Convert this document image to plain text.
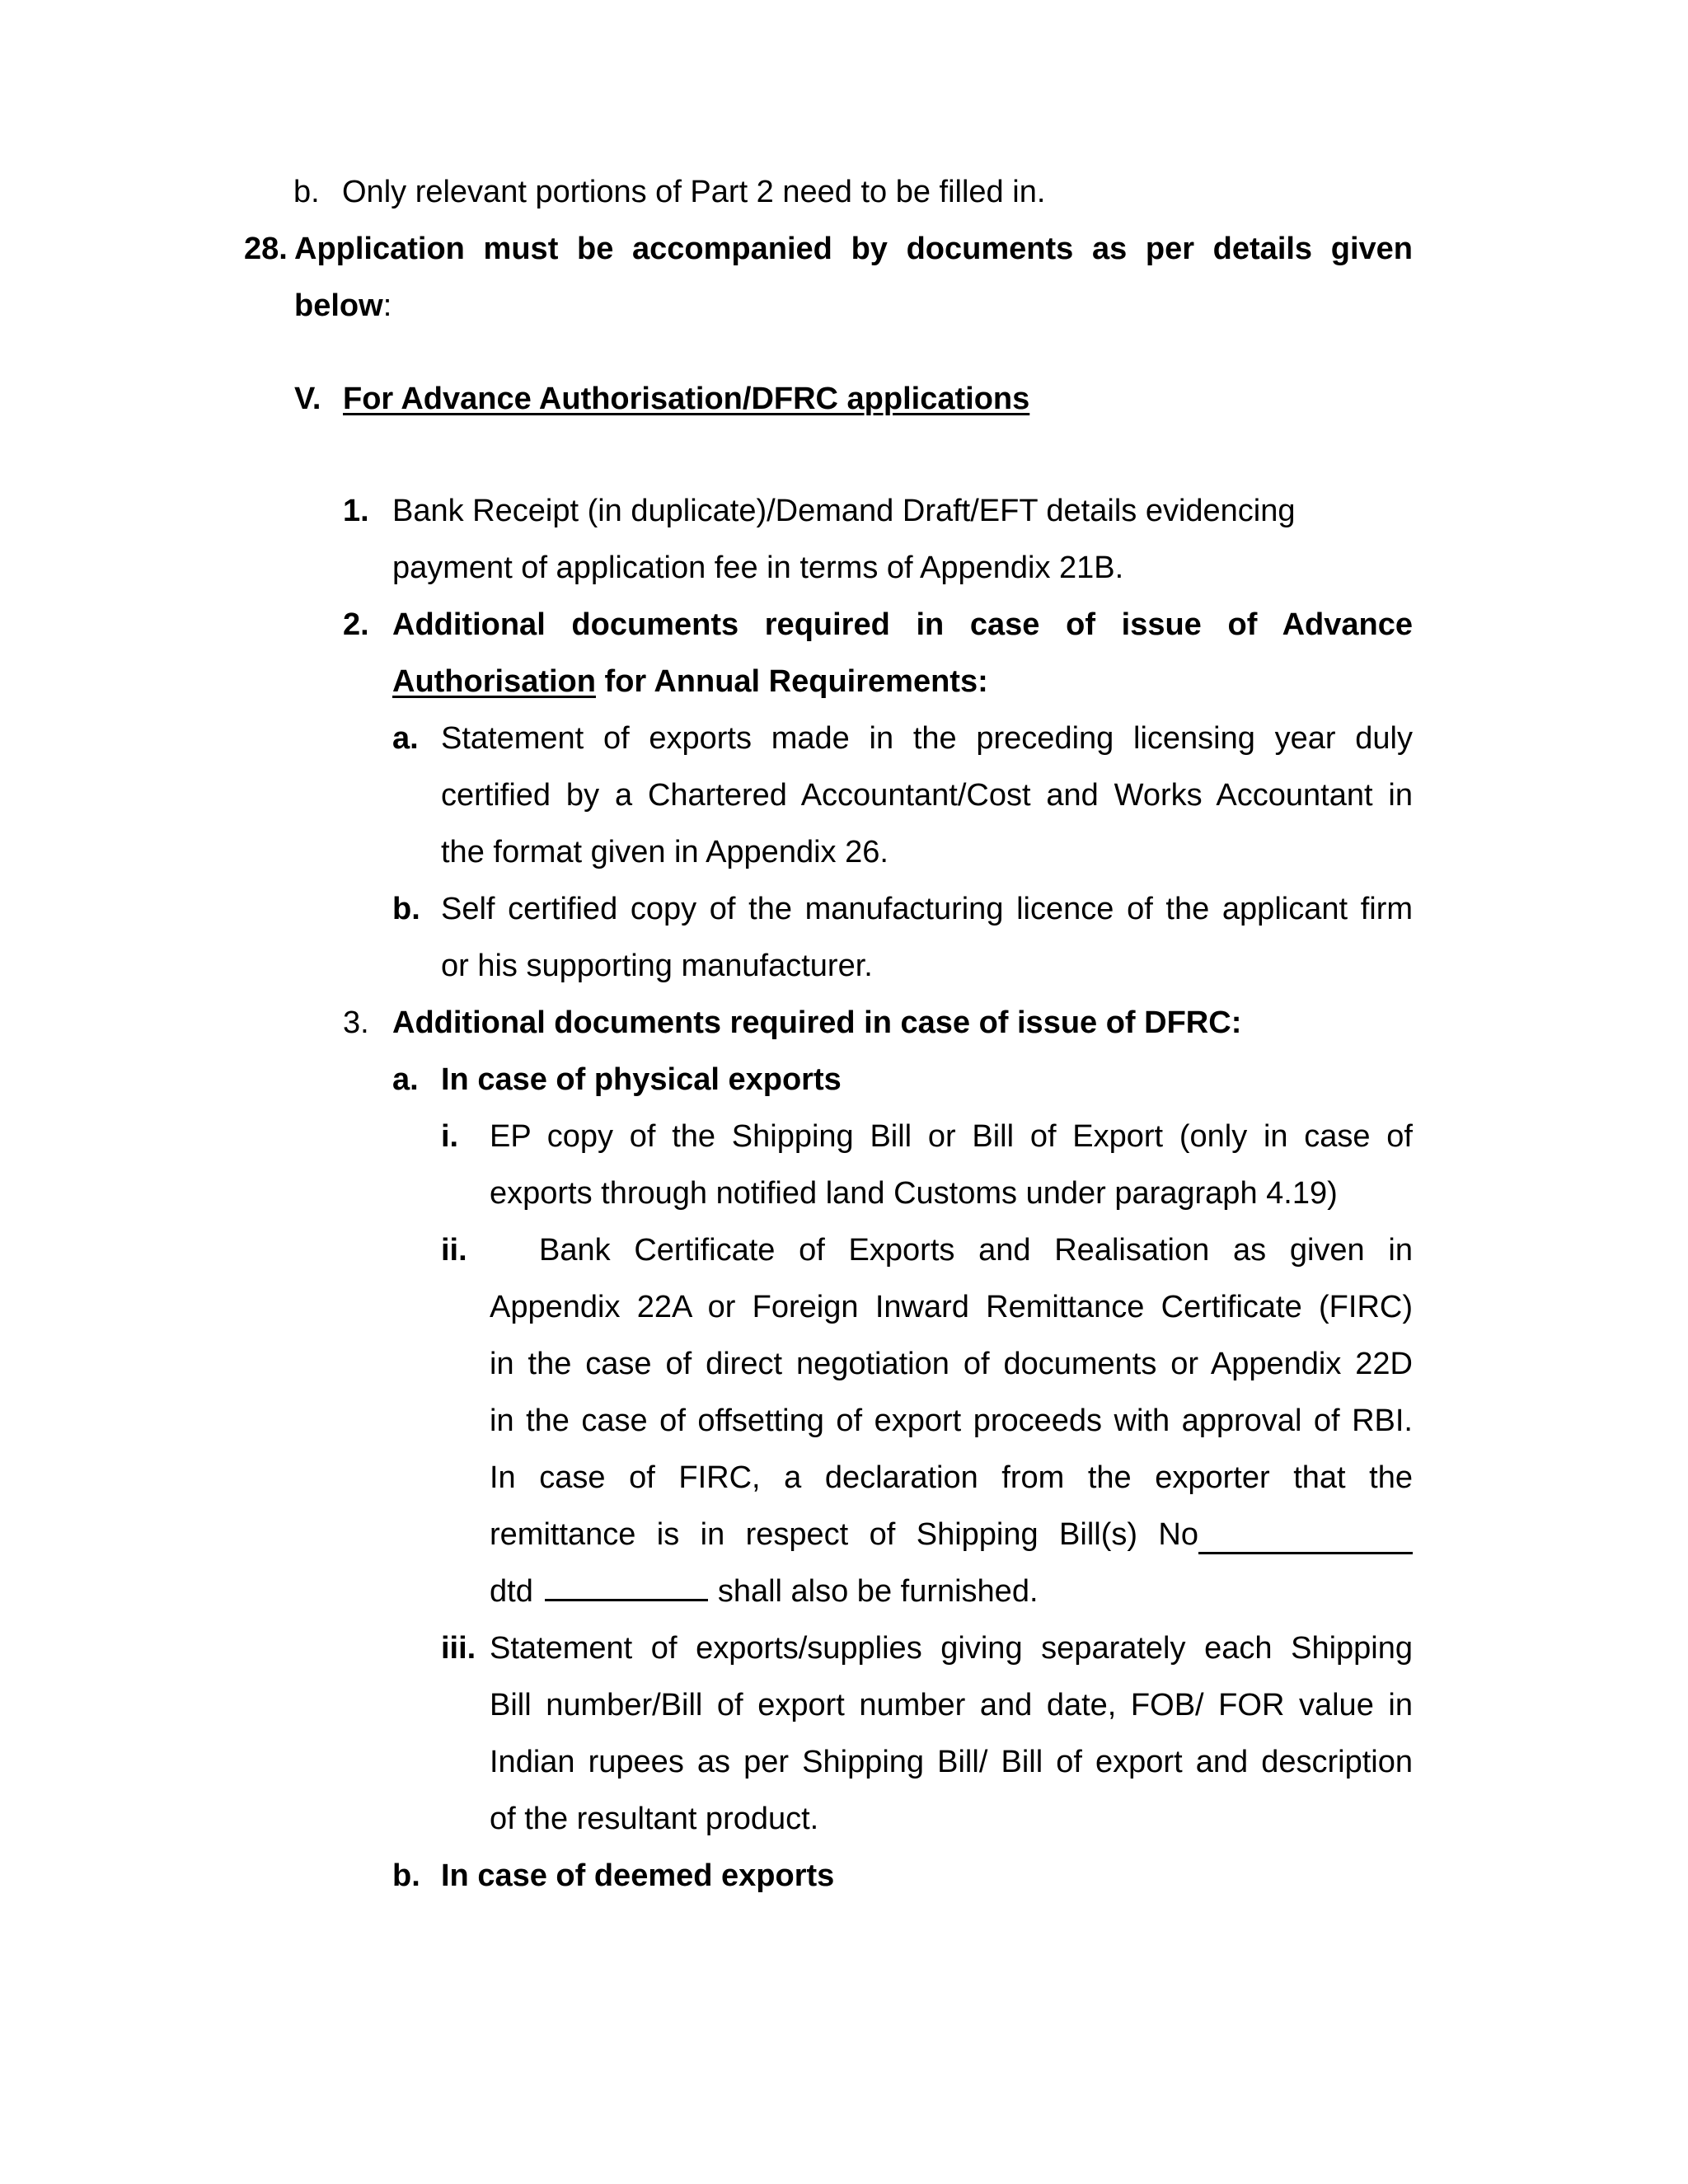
b. Only relevant portions of Part 2 need to be filled in.
28. Application must be accompanied by documents as per details given
below:
V. For Advance Authorisation/DFRC applications
1. Bank Receipt (in duplicate)/Demand Draft/EFT details evidencing
payment of application fee in terms of Appendix 21B.
2. Additional documents required in case of issue of Advance
Authorisation for Annual Requirements:
a. Statement of exports made in the preceding licensing year duly
certified by a Chartered Accountant/Cost and Works Accountant in
the format given in Appendix 26.
b. Self certified copy of the manufacturing licence of the applicant firm
or his supporting manufacturer.
3. Additional documents required in case of issue of DFRC:
a. In case of physical exports
i. EP copy of the Shipping Bill or Bill of Export (only in case of
exports through notified land Customs under paragraph 4.19)
ii. Bank Certificate of Exports and Realisation as given in
Appendix 22A or Foreign Inward Remittance Certificate (FIRC)
in the case of direct negotiation of documents or Appendix 22D
in the case of offsetting of export proceeds with approval of RBI.
In case of FIRC, a declaration from the exporter that the
remittance is in respect of Shipping Bill(s) No
dtd	shall also be furnished.
iii. Statement of exports/supplies giving separately each Shipping
Bill number/Bill of export number and date, FOB/ FOR value in
Indian rupees as per Shipping Bill/ Bill of export and description
of the resultant product.
b. In case of deemed exports
